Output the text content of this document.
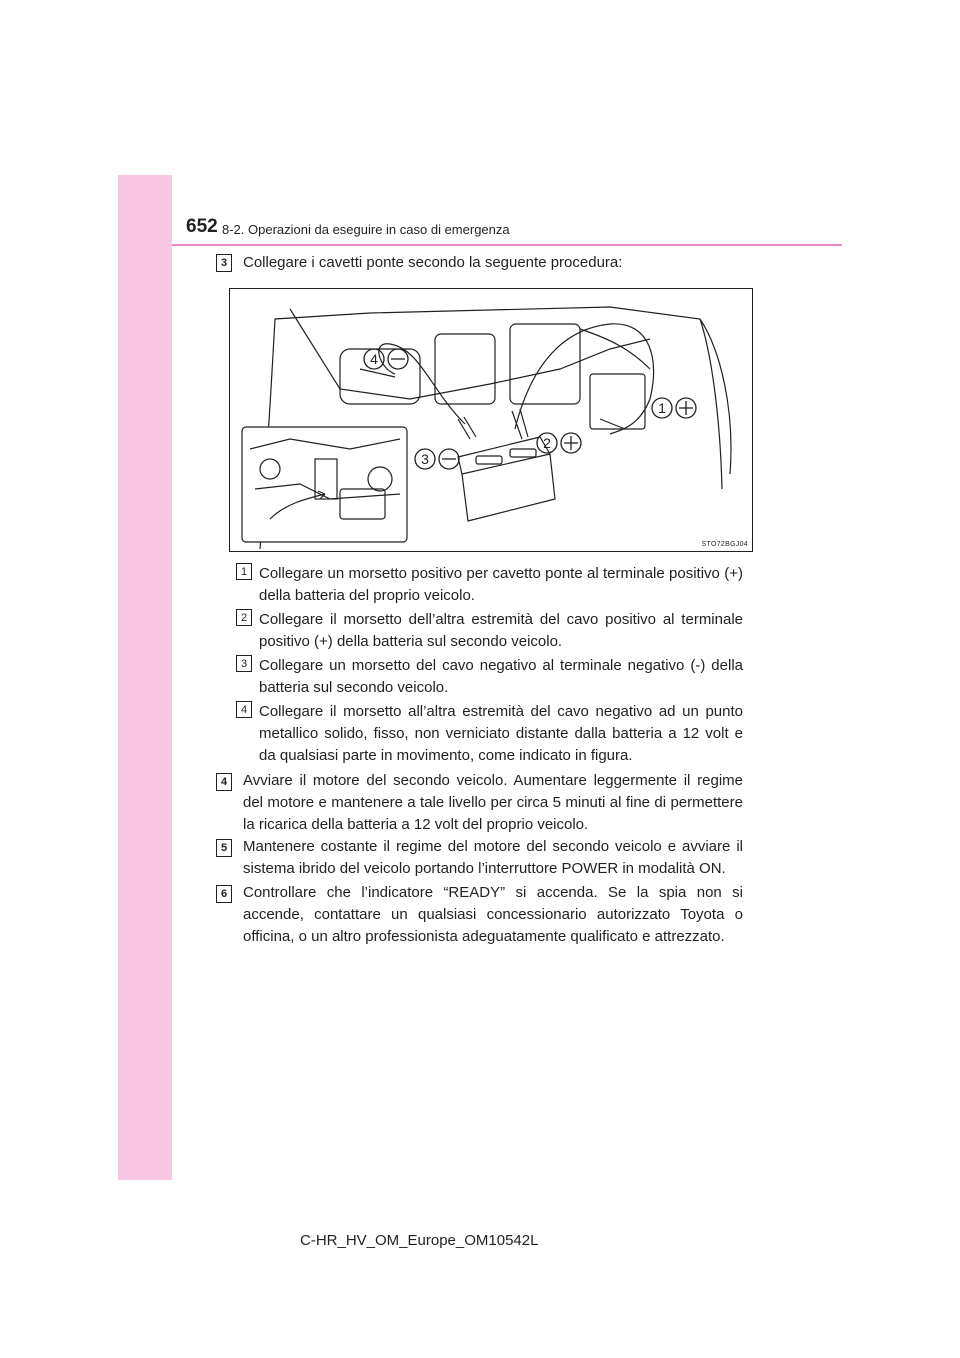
652 8-2. Operazioni da eseguire in caso di emergenza
3	Collegare i cavetti ponte secondo la seguente procedura:

4
1
2
3
STO72BGJ04
1 Collegare un morsetto positivo per cavetto ponte al terminale positivo (+) della batteria del proprio veicolo.

2 Collegare il morsetto dell’altra estremità del cavo positivo al terminale positivo (+) della batteria sul secondo veicolo.

3 Collegare un morsetto del cavo negativo al terminale negativo (-) della batteria sul secondo veicolo.

4 Collegare il morsetto all’altra estremità del cavo negativo ad un punto metallico solido, fisso, non verniciato distante dalla batteria a 12 volt e da qualsiasi parte in movimento, come indicato in figura.

4	Avviare il motore del secondo veicolo. Aumentare leggermente il regime del motore e mantenere a tale livello per circa 5 minuti al fine di permettere la ricarica della batteria a 12 volt del proprio veicolo.

5	Mantenere costante il regime del motore del secondo veicolo e avviare il sistema ibrido del veicolo portando l’interruttore POWER in modalità ON.

6	Controllare che l’indicatore “READY” si accenda. Se la spia non si accende, contattare un qualsiasi concessionario autorizzato Toyota o officina, o un altro professionista adeguatamente qualificato e attrezzato.

C-HR_HV_OM_Europe_OM10542L
